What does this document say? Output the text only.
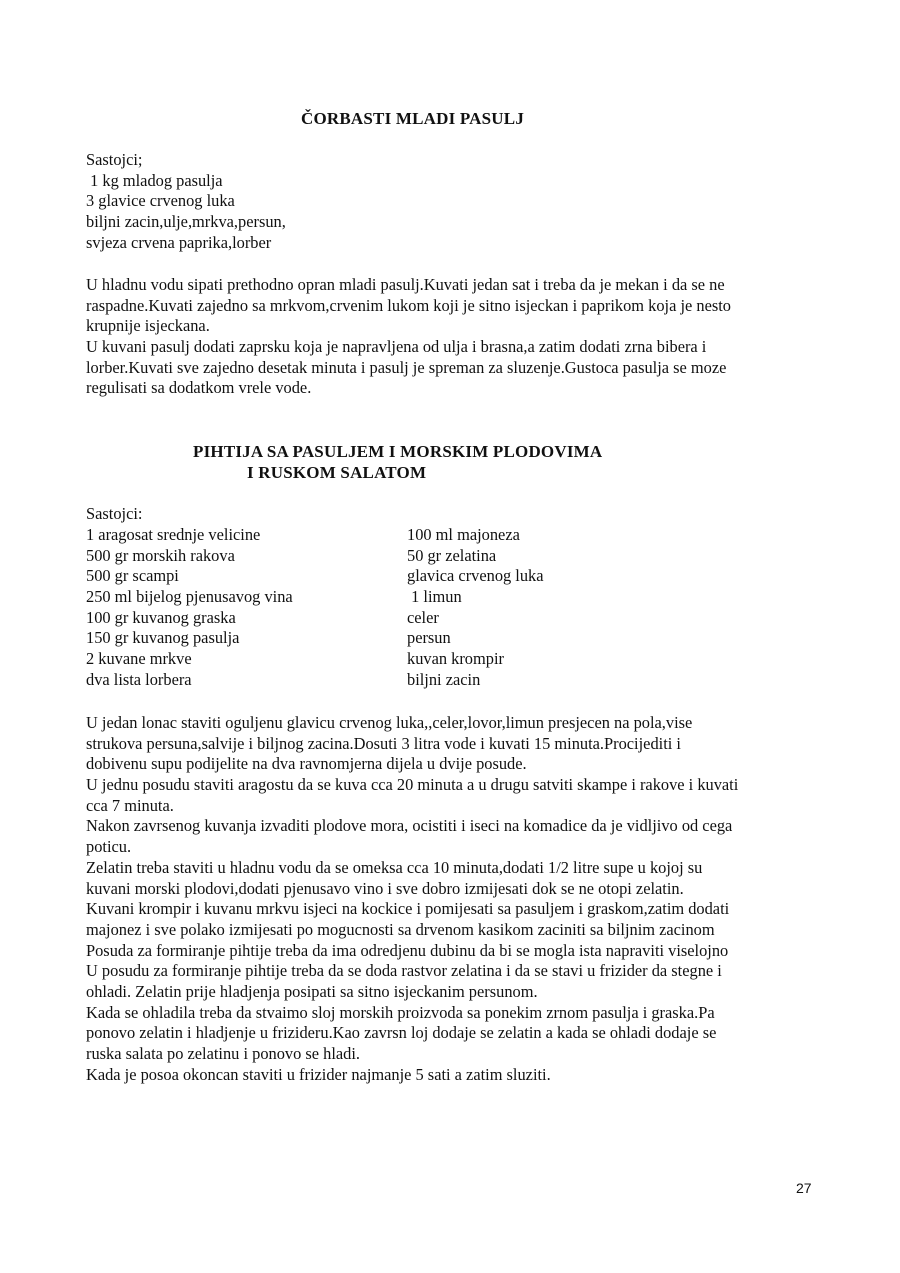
ČORBASTI MLADI PASULJ
Sastojci;
1 kg mladog pasulja
3 glavice crvenog luka
biljni zacin,ulje,mrkva,persun,
svjeza crvena paprika,lorber
U hladnu vodu sipati prethodno opran mladi pasulj.Kuvati jedan sat i treba da je mekan i da se ne
raspadne.Kuvati zajedno sa mrkvom,crvenim lukom koji je sitno isjeckan i paprikom koja je nesto
krupnije isjeckana.
U kuvani pasulj dodati zaprsku koja je napravljena od ulja i brasna,a zatim dodati zrna bibera i
lorber.Kuvati sve zajedno desetak minuta i pasulj je spreman za sluzenje.Gustoca pasulja se moze
regulisati sa dodatkom vrele vode.
PIHTIJA SA PASULJEM I MORSKIM PLODOVIMA
I RUSKOM SALATOM
Sastojci:
1 aragosat srednje velicine
500 gr morskih rakova
500 gr scampi
250 ml bijelog pjenusavog vina
100 gr kuvanog graska
150 gr kuvanog pasulja
2 kuvane mrkve
dva lista lorbera
100 ml majoneza
50 gr zelatina
glavica crvenog luka
1 limun
celer
persun
kuvan krompir
biljni zacin
U jedan lonac staviti oguljenu glavicu crvenog luka,,celer,lovor,limun presjecen na pola,vise
strukova persuna,salvije i biljnog zacina.Dosuti 3 litra vode i kuvati 15 minuta.Procijediti i
dobivenu supu podijelite na dva ravnomjerna dijela u dvije posude.
U jednu posudu staviti aragostu da se kuva cca 20 minuta a u drugu satviti skampe i rakove i kuvati
cca 7 minuta.
Nakon zavrsenog kuvanja izvaditi plodove mora, ocistiti i iseci na komadice da je vidljivo od cega
poticu.
Zelatin treba staviti u hladnu vodu da se omeksa cca 10 minuta,dodati 1/2 litre supe u kojoj su
kuvani morski plodovi,dodati pjenusavo vino i sve dobro izmijesati dok se ne otopi zelatin.
Kuvani krompir i kuvanu mrkvu isjeci na kockice i pomijesati sa pasuljem i graskom,zatim dodati
majonez i sve polako izmijesati po mogucnosti sa drvenom kasikom zaciniti sa biljnim zacinom
Posuda za formiranje pihtije treba da ima odredjenu dubinu da bi se mogla ista napraviti viselojno
U posudu za formiranje pihtije treba da se doda rastvor zelatina i da se stavi u frizider da stegne i
ohladi. Zelatin prije hladjenja posipati sa sitno isjeckanim persunom.
Kada se ohladila treba da stvaimo sloj morskih proizvoda sa ponekim zrnom pasulja i graska.Pa
ponovo zelatin i hladjenje u frizideru.Kao zavrsn loj dodaje se zelatin a kada se ohladi dodaje se
ruska salata po zelatinu i ponovo se hladi.
Kada je posoa okoncan staviti u frizider najmanje 5 sati a zatim sluziti.
27
